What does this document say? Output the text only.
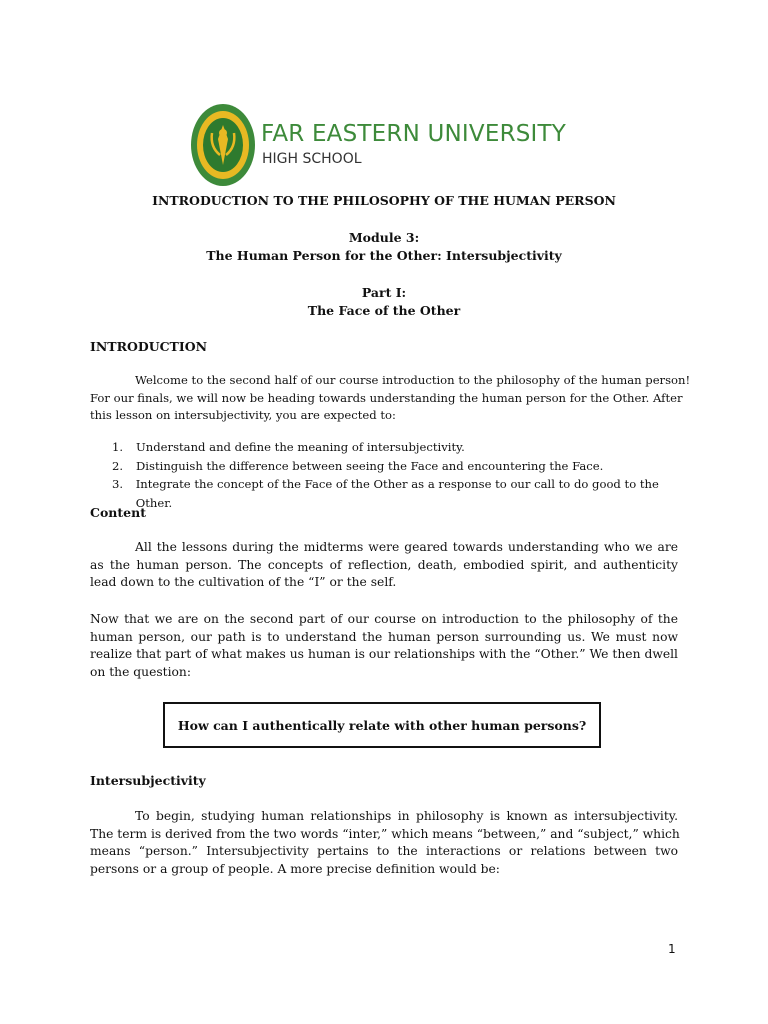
FAR EASTERN UNIVERSITY
HIGH SCHOOL
INTRODUCTION TO THE PHILOSOPHY OF THE HUMAN PERSON
Module 3:
The Human Person for the Other: Intersubjectivity
Part I:
The Face of the Other
INTRODUCTION
Welcome to the second half of our course introduction to the philosophy of the human person!
For our finals, we will now be heading towards understanding the human person for the Other. After
this lesson on intersubjectivity, you are expected to:
1.	Understand and define the meaning of intersubjectivity.
2.	Distinguish the difference between seeing the Face and encountering the Face.
3.	Integrate the concept of the Face of the Other as a response to our call to do good to the Other.
Content
All the lessons during the midterms were geared towards understanding who we are
as the human person. The concepts of reflection, death, embodied spirit, and authenticity
lead down to the cultivation of the “I” or the self.
Now that we are on the second part of our course on introduction to the philosophy of the
human person, our path is to understand the human person surrounding us. We must now
realize that part of what makes us human is our relationships with the “Other.” We then dwell
on the question:
How can I authentically relate with other human persons?
Intersubjectivity
To begin, studying human relationships in philosophy is known as intersubjectivity.
The term is derived from the two words “inter,” which means “between,” and “subject,” which
means “person.” Intersubjectivity pertains to the interactions or relations between two
persons or a group of people. A more precise definition would be:
1
